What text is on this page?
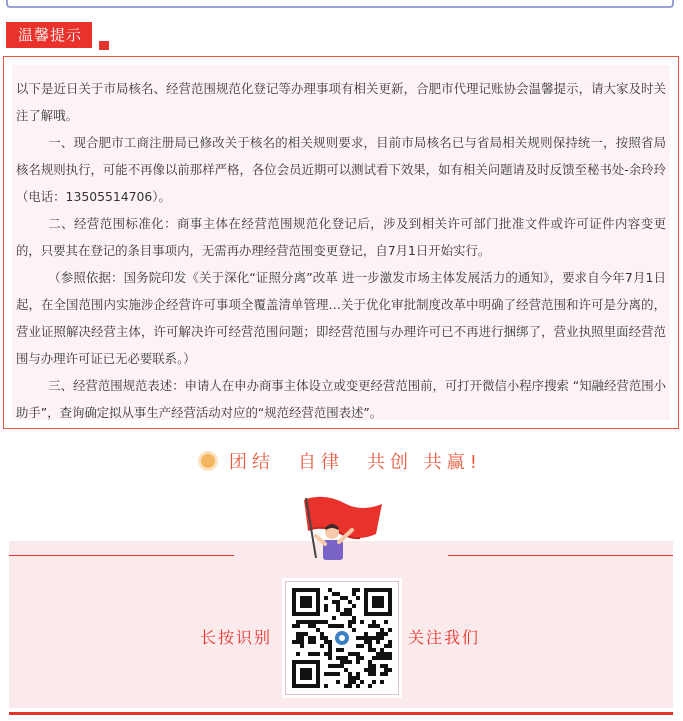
温馨提示

以下是近日关于市局核名、经营范围规范化登记等办理事项有相关更新，合肥市代理记账协会温馨提示，请大家及时关注了解哦。

一、现合肥市工商注册局已修改关于核名的相关规则要求，目前市局核名已与省局相关规则保持统一，按照省局核名规则执行，可能不再像以前那样严格，各位会员近期可以测试看下效果，如有相关问题请及时反馈至秘书处-余玲玲（电话：13505514706）。

二、经营范围标准化：商事主体在经营范围规范化登记后，涉及到相关许可部门批准文件或许可证件内容变更的，只要其在登记的条目事项内，无需再办理经营范围变更登记，自7月1日开始实行。

（参照依据：国务院印发《关于深化“证照分离”改革 进一步激发市场主体发展活力的通知》，要求自今年7月1日起，在全国范围内实施涉企经营许可事项全覆盖清单管理…关于优化审批制度改革中明确了经营范围和许可是分离的，营业证照解决经营主体，许可解决许可经营范围问题；即经营范围与办理许可已不再进行捆绑了，营业执照里面经营范围与办理许可证已无必要联系。）

三、经营范围规范表述：申请人在申办商事主体设立或变更经营范围前，可打开微信小程序搜索 “知融经营范围小助手”，查询确定拟从事生产经营活动对应的“规范经营范围表述”。

团结　自律　共创 共赢!
长按识别	关注我们
